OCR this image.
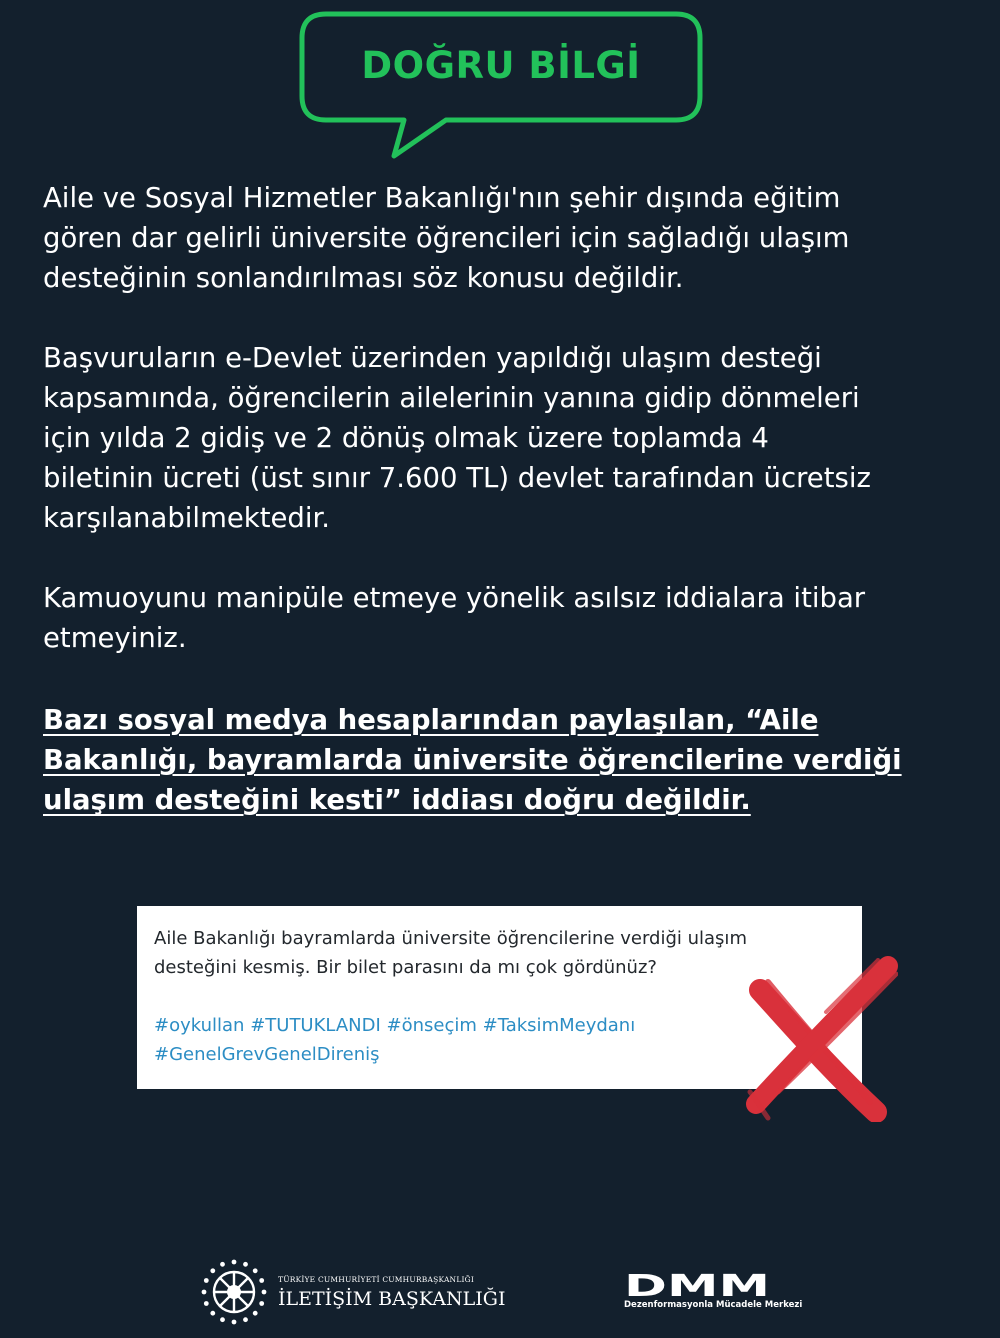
DOĞRU BİLGİ
Aile ve Sosyal Hizmetler Bakanlığı'nın şehir dışında eğitim
gören dar gelirli üniversite öğrencileri için sağladığı ulaşım
desteğinin sonlandırılması söz konusu değildir.
Başvuruların e-Devlet üzerinden yapıldığı ulaşım desteği
kapsamında, öğrencilerin ailelerinin yanına gidip dönmeleri
için yılda 2 gidiş ve 2 dönüş olmak üzere toplamda 4
biletinin ücreti (üst sınır 7.600 TL) devlet tarafından ücretsiz
karşılanabilmektedir.
Kamuoyunu manipüle etmeye yönelik asılsız iddialara itibar
etmeyiniz.
Bazı sosyal medya hesaplarından paylaşılan, “Aile
Bakanlığı, bayramlarda üniversite öğrencilerine verdiği
ulaşım desteğini kesti” iddiası doğru değildir.
Aile Bakanlığı bayramlarda üniversite öğrencilerine verdiği ulaşım
desteğini kesmiş. Bir bilet parasını da mı çok gördünüz?
#oykullan #TUTUKLANDI #önseçim #TaksimMeydanı
#GenelGrevGenelDireniş
TÜRKİYE CUMHURİYETİ CUMHURBAŞKANLIĞI
İLETİŞİM BAŞKANLIĞI	DMM
Dezenformasyonla Mücadele Merkezi
